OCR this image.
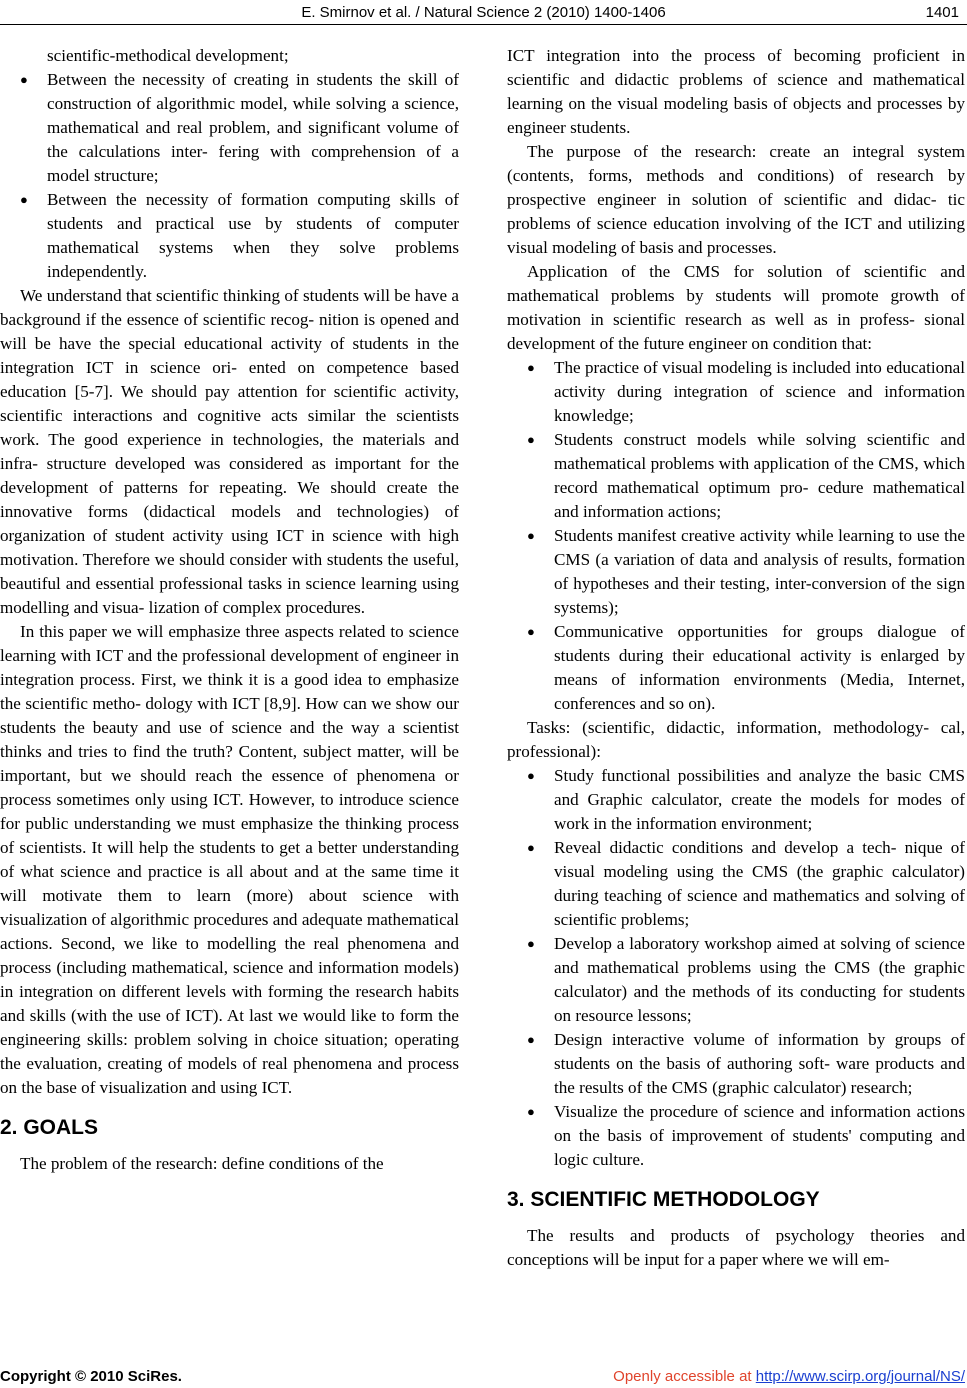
E. Smirnov et al. / Natural Science 2 (2010) 1400-1406	1401

scientific-methodical development;

● Between the necessity of creating in students the skill of construction of algorithmic model, while solving a science, mathematical and real problem, and significant volume of the calculations inter- fering with comprehension of a model structure;
● Between the necessity of formation computing skills of students and practical use by students of computer mathematical systems when they solve problems independently.

We understand that scientific thinking of students will be have a background if the essence of scientific recog- nition is opened and will be have the special educational activity of students in the integration ICT in science ori- ented on competence based education [5-7]. We should pay attention for scientific activity, scientific interactions and cognitive acts similar the scientists work. The good experience in technologies, the materials and infra- structure developed was considered as important for the development of patterns for repeating. We should create the innovative forms (didactical models and technologies) of organization of student activity using ICT in science with high motivation. Therefore we should consider with students the useful, beautiful and essential professional tasks in science learning using modelling and visua- lization of complex procedures.

In this paper we will emphasize three aspects related to science learning with ICT and the professional development of engineer in integration process. First, we think it is a good idea to emphasize the scientific metho- dology with ICT [8,9]. How can we show our students the beauty and use of science and the way a scientist thinks and tries to find the truth? Content, subject matter, will be important, but we should reach the essence of phenomena or process sometimes only using ICT. However, to introduce science for public understanding we must emphasize the thinking process of scientists. It will help the students to get a better understanding of what science and practice is all about and at the same time it will motivate them to learn (more) about science with visualization of algorithmic procedures and adequate mathematical actions. Second, we like to modelling the real phenomena and process (including mathematical, science and information models) in integration on different levels with forming the research habits and skills (with the use of ICT). At last we would like to form the engineering skills: problem solving in choice situation; operating the evaluation, creating of models of real phenomena and process on the base of visualization and using ICT.

2. GOALS

The problem of the research: define conditions of the

ICT integration into the process of becoming proficient in scientific and didactic problems of science and mathematical learning on the visual modeling basis of objects and processes by engineer students.

The purpose of the research: create an integral system (contents, forms, methods and conditions) of research by prospective engineer in solution of scientific and didac- tic problems of science education involving of the ICT and utilizing visual modeling of basis and processes.

Application of the CMS for solution of scientific and mathematical problems by students will promote growth of motivation in scientific research as well as in profess- sional development of the future engineer on condition that:

● The practice of visual modeling is included into educational activity during integration of science and information knowledge;
● Students construct models while solving scientific and mathematical problems with application of the CMS, which record mathematical optimum pro- cedure mathematical and information actions;
● Students manifest creative activity while learning to use the CMS (a variation of data and analysis of results, formation of hypotheses and their testing, inter-conversion of the sign systems);
● Communicative opportunities for groups dialogue of students during their educational activity is enlarged by means of information environments (Media, Internet, conferences and so on).

Tasks: (scientific, didactic, information, methodology- cal, professional):

● Study functional possibilities and analyze the basic CMS and Graphic calculator, create the models for modes of work in the information environment;
● Reveal didactic conditions and develop a tech- nique of visual modeling using the CMS (the graphic calculator) during teaching of science and mathematics and solving of scientific problems;
● Develop a laboratory workshop aimed at solving of science and mathematical problems using the CMS (the graphic calculator) and the methods of its conducting for students on resource lessons;
● Design interactive volume of information by groups of students on the basis of authoring soft- ware products and the results of the CMS (graphic calculator) research;
● Visualize the procedure of science and information actions on the basis of improvement of students' computing and logic culture.
3. SCIENTIFIC METHODOLOGY

The results and products of psychology theories and conceptions will be input for a paper where we will em-

Copyright © 2010 SciRes.	Openly accessible at http://www.scirp.org/journal/NS/
